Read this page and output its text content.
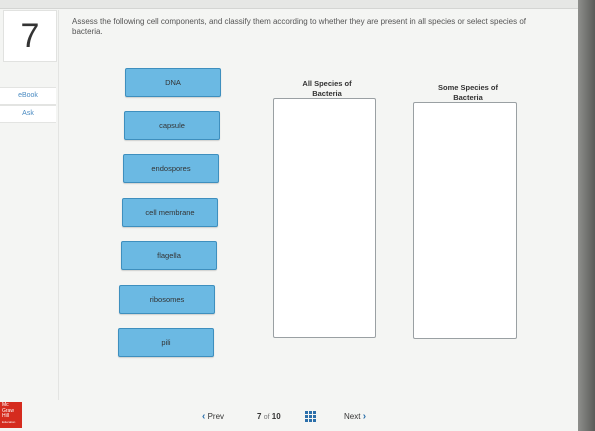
7
eBook
Ask
Assess the following cell components, and classify them according to whether they are present in all species or select species of bacteria.
DNA
capsule
endospores
cell membrane
flagella
ribosomes
pili
All Species of
Bacteria
Some Species of
Bacteria
Mc
Graw
Hill
Education	‹ Prev	7 of 10	Next ›
